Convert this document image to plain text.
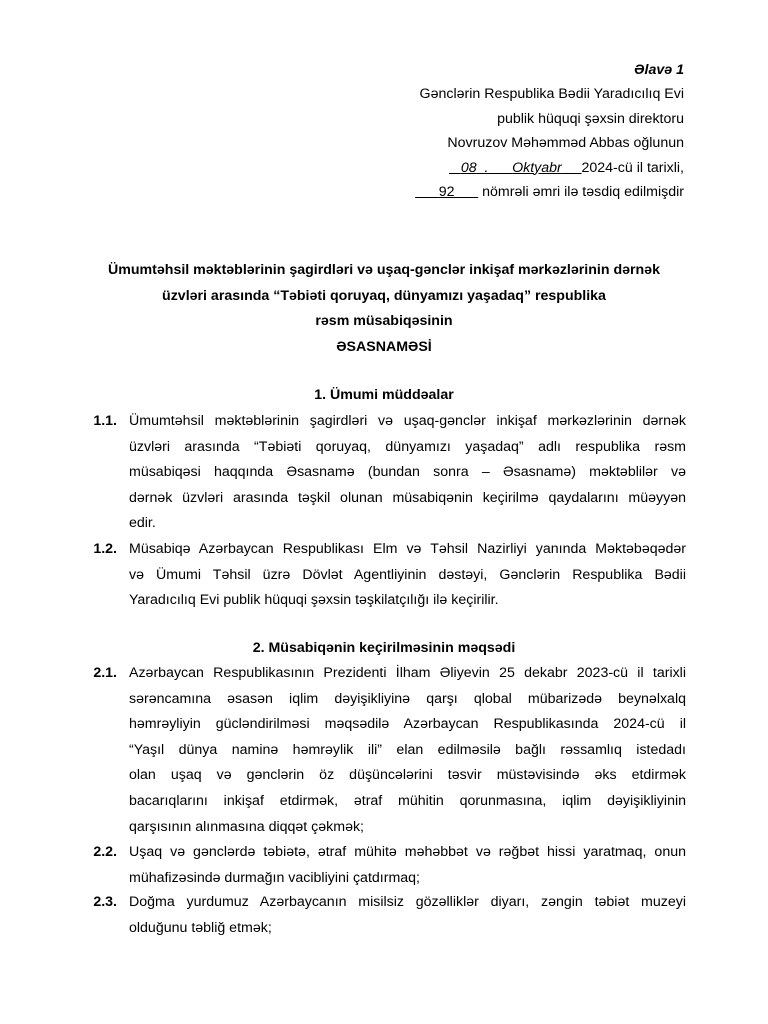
Əlavə 1
Gənclərin Respublika Bədii Yaradıcılıq Evi
publik hüquqi şəxsin direktoru
Novruzov Məhəmməd Abbas oğlunun
08 . Oktyabr 2024-cü il tarixli,
92 nömrəli əmri ilə təsdiq edilmişdir
Ümumtəhsil məktəblərinin şagirdləri və uşaq-gənclər inkişaf mərkəzlərinin dərnək
üzvləri arasında “Təbiəti qoruyaq, dünyamızı yaşadaq” respublika
rəsm müsabiqəsinin
ƏSASNAMƏSİ
1. Ümumi müddəalar
1.1. Ümumtəhsil məktəblərinin şagirdləri və uşaq-gənclər inkişaf mərkəzlərinin dərnək
üzvləri arasında “Təbiəti qoruyaq, dünyamızı yaşadaq” adlı respublika rəsm
müsabiqəsi haqqında Əsasnamə (bundan sonra – Əsasnamə) məktəblilər və
dərnək üzvləri arasında təşkil olunan müsabiqənin keçirilmə qaydalarını müəyyən
edir.
1.2. Müsabiqə Azərbaycan Respublikası Elm və Təhsil Nazirliyi yanında Məktəbəqədər
və Ümumi Təhsil üzrə Dövlət Agentliyinin dəstəyi, Gənclərin Respublika Bədii
Yaradıcılıq Evi publik hüquqi şəxsin təşkilatçılığı ilə keçirilir.
2. Müsabiqənin keçirilməsinin məqsədi
2.1. Azərbaycan Respublikasının Prezidenti İlham Əliyevin 25 dekabr 2023-cü il tarixli
sərəncamına əsasən iqlim dəyişikliyinə qarşı qlobal mübarizədə beynəlxalq
həmrəyliyin gücləndirilməsi məqsədilə Azərbaycan Respublikasında 2024-cü il
“Yaşıl dünya naminə həmrəylik ili” elan edilməsilə bağlı rəssamlıq istedadı
olan uşaq və gənclərin öz düşüncələrini təsvir müstəvisində əks etdirmək
bacarıqlarını inkişaf etdirmək, ətraf mühitin qorunmasına, iqlim dəyişikliyinin
qarşısının alınmasına diqqət çəkmək;
2.2. Uşaq və gənclərdə təbiətə, ətraf mühitə məhəbbət və rəğbət hissi yaratmaq, onun
mühafizəsində durmağın vacibliyini çatdırmaq;
2.3. Doğma yurdumuz Azərbaycanın misilsiz gözəlliklər diyarı, zəngin təbiət muzeyi
olduğunu təbliğ etmək;
